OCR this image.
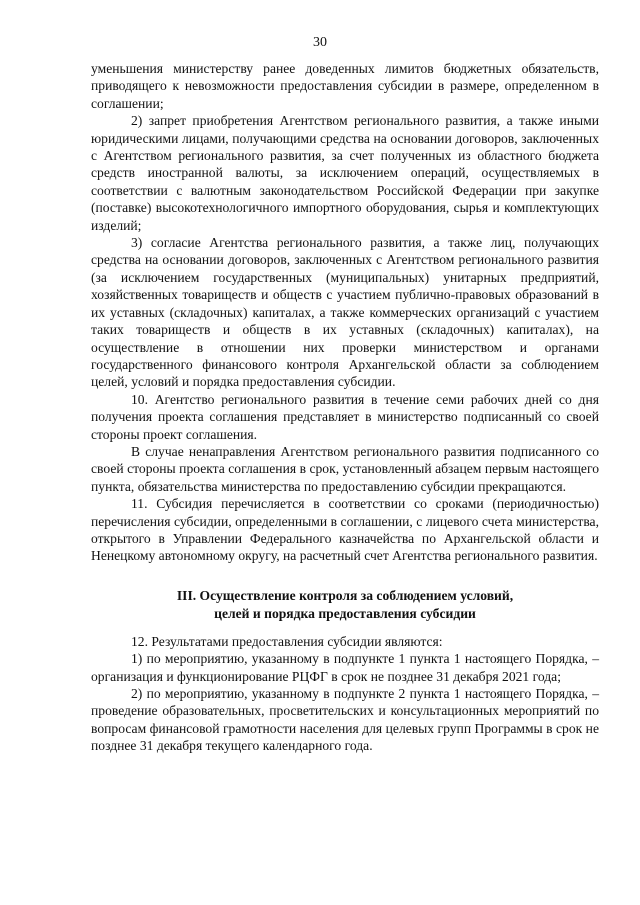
30

уменьшения министерству ранее доведенных лимитов бюджетных обязательств, приводящего к невозможности предоставления субсидии в размере, определенном в соглашении;

2) запрет приобретения Агентством регионального развития, а также иными юридическими лицами, получающими средства на основании договоров, заключенных с Агентством регионального развития, за счет полученных из областного бюджета средств иностранной валюты, за исключением операций, осуществляемых в соответствии с валютным законодательством Российской Федерации при закупке (поставке) высокотехнологичного импортного оборудования, сырья и комплектующих изделий;

3) согласие Агентства регионального развития, а также лиц, получающих средства на основании договоров, заключенных с Агентством регионального развития (за исключением государственных (муниципальных) унитарных предприятий, хозяйственных товариществ и обществ с участием публично-правовых образований в их уставных (складочных) капиталах, а также коммерческих организаций с участием таких товариществ и обществ в их уставных (складочных) капиталах), на осуществление в отношении них проверки министерством и органами государственного финансового контроля Архангельской области за соблюдением целей, условий и порядка предоставления субсидии.

10. Агентство регионального развития в течение семи рабочих дней со дня получения проекта соглашения представляет в министерство подписанный со своей стороны проект соглашения.

В случае ненаправления Агентством регионального развития подписанного со своей стороны проекта соглашения в срок, установленный абзацем первым настоящего пункта, обязательства министерства по предоставлению субсидии прекращаются.

11. Субсидия перечисляется в соответствии со сроками (периодичностью) перечисления субсидии, определенными в соглашении, с лицевого счета министерства, открытого в Управлении Федерального казначейства по Архангельской области и Ненецкому автономному округу, на расчетный счет Агентства регионального развития.

III. Осуществление контроля за соблюдением условий,
целей и порядка предоставления субсидии

12. Результатами предоставления субсидии являются:

1) по мероприятию, указанному в подпункте 1 пункта 1 настоящего Порядка, – организация и функционирование РЦФГ в срок не позднее 31 декабря 2021 года;

2) по мероприятию, указанному в подпункте 2 пункта 1 настоящего Порядка, – проведение образовательных, просветительских и консультационных мероприятий по вопросам финансовой грамотности населения для целевых групп Программы в срок не позднее 31 декабря текущего календарного года.
